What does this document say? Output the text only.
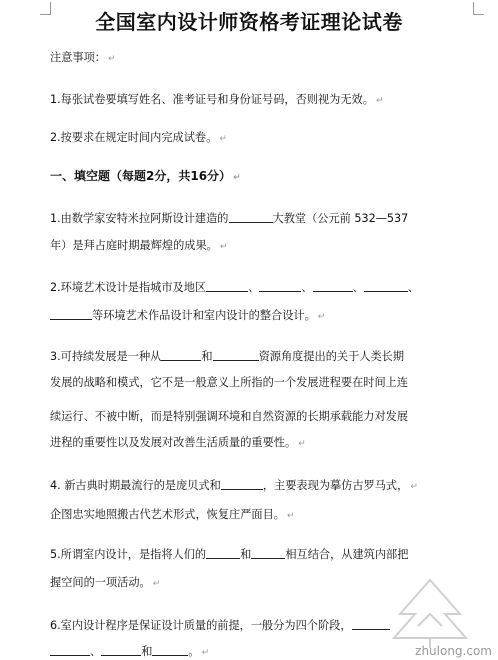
全国室内设计师资格考证理论试卷
注意事项： ↵
1.每张试卷要填写姓名、准考证号和身份证号码，否则视为无效。 ↵
2.按要求在规定时间内完成试卷。 ↵
一、填空题（每题2分，共16分） ↵
1.由数学家安特米拉阿斯设计建造的	大教堂（公元前 532—537
年）是拜占庭时期最辉煌的成果。 ↵
2.环境艺术设计是指城市及地区	、	、	、	、
等环境艺术作品设计和室内设计的整合设计。 ↵
3.可持续发展是一种从	和	资源角度提出的关于人类长期
发展的战略和模式，它不是一般意义上所指的一个发展进程要在时间上连
续运行、不被中断，而是特别强调环境和自然资源的长期承载能力对发展
进程的重要性以及发展对改善生活质量的重要性。 ↵
4. 新古典时期最流行的是庞贝式和	，主要表现为摹仿古罗马式， ↵
企图忠实地照搬古代艺术形式，恢复庄严面目。 ↵
5.所谓室内设计，是指将人们的	和	相互结合，从建筑内部把
握空间的一项活动。 ↵
6.室内设计程序是保证设计质量的前提，一般分为四个阶段，
、	和	。 ↵	zhulong.com
